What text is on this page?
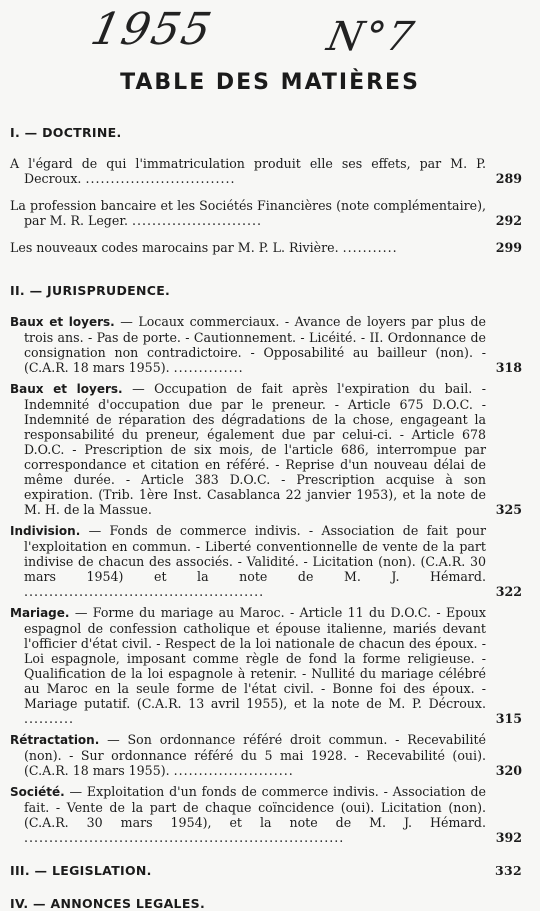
1955	N°7
TABLE DES MATIÈRES
I. — DOCTRINE.
A l'égard de qui l'immatriculation produit elle ses effets, par M. P. Decroux. ..............................	289
La profession bancaire et les Sociétés Financières (note complémentaire), par M. R. Leger. ..........................	292
Les nouveaux codes marocains par M. P. L. Rivière. ...........	299
II. — JURISPRUDENCE.
Baux et loyers. — Locaux commerciaux. - Avance de loyers par plus de trois ans. - Pas de porte. - Cautionnement. - Licéité. - II. Ordonnance de consignation non contradictoire. - Opposabilité au bailleur (non). - (C.A.R. 18 mars 1955). ..............	318
Baux et loyers. — Occupation de fait après l'expiration du bail. - Indemnité d'occupation due par le preneur. - Article 675 D.O.C. - Indemnité de réparation des dégradations de la chose, engageant la responsabilité du preneur, également due par celui-ci. - Article 678 D.O.C. - Prescription de six mois, de l'article 686, interrompue par correspondance et citation en référé. - Reprise d'un nouveau délai de même durée. - Article 383 D.O.C. - Prescription acquise à son expiration. (Trib. 1ère Inst. Casablanca 22 janvier 1953), et la note de M. H. de la Massue.	325
Indivision. — Fonds de commerce indivis. - Association de fait pour l'exploitation en commun. - Liberté conventionnelle de vente de la part indivise de chacun des associés. - Validité. - Licitation (non). (C.A.R. 30 mars 1954) et la note de M. J. Hémard. ................................................	322
Mariage. — Forme du mariage au Maroc. - Article 11 du D.O.C. - Epoux espagnol de confession catholique et épouse italienne, mariés devant l'officier d'état civil. - Respect de la loi nationale de chacun des époux. - Loi espagnole, imposant comme règle de fond la forme religieuse. - Qualification de la loi espagnole à retenir. - Nullité du mariage célébré au Maroc en la seule forme de l'état civil. - Bonne foi des époux. - Mariage putatif. (C.A.R. 13 avril 1955), et la note de M. P. Décroux. ..........	315
Rétractation. — Son ordonnance référé droit commun. - Recevabilité (non). - Sur ordonnance référé du 5 mai 1928. - Recevabilité (oui). (C.A.R. 18 mars 1955). ........................	320
Société. — Exploitation d'un fonds de commerce indivis. - Association de fait. - Vente de la part de chaque coïncidence (oui). Licitation (non). (C.A.R. 30 mars 1954), et la note de M. J. Hémard. ................................................................	392
III. — LEGISLATION.	332
IV. — ANNONCES LEGALES.
